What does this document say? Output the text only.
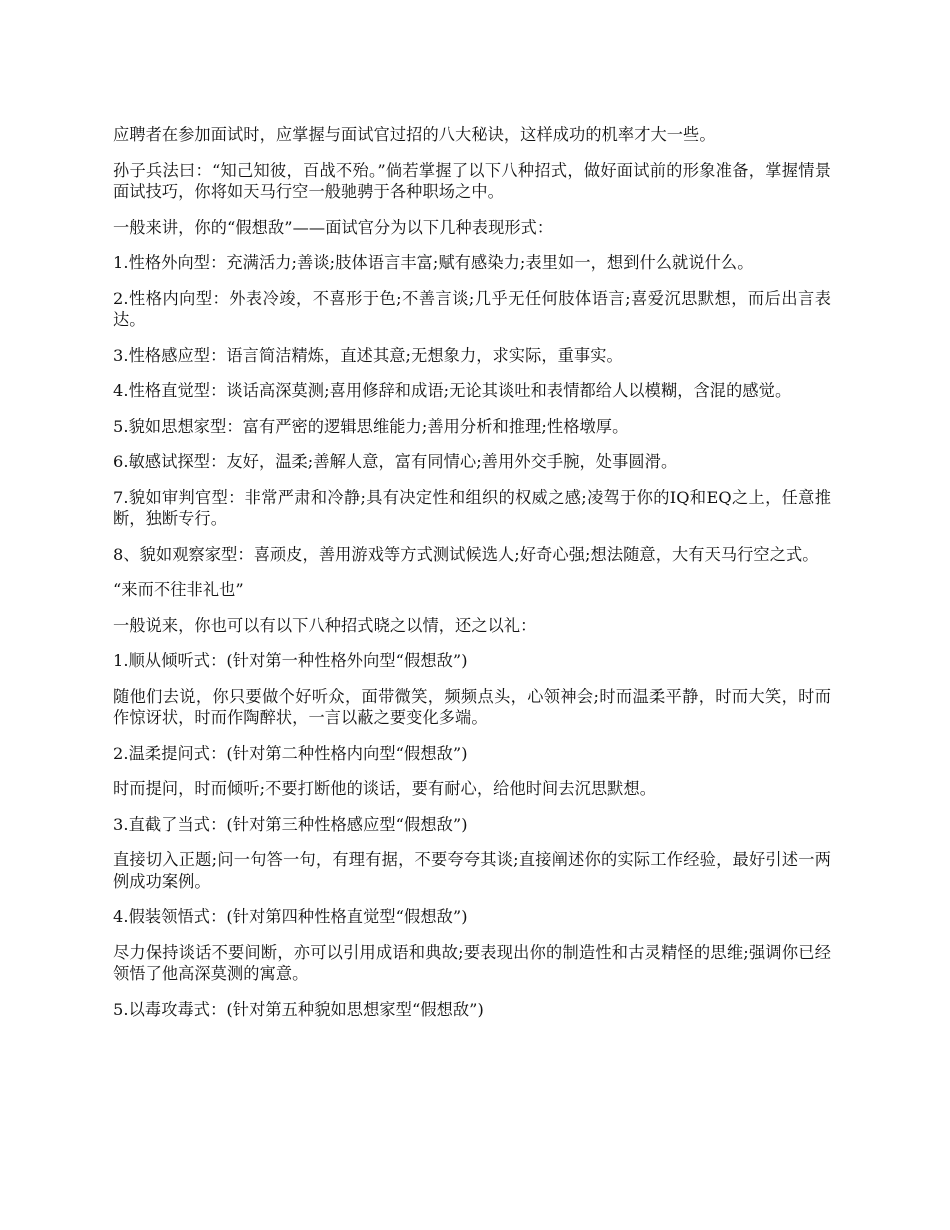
应聘者在参加面试时，应掌握与面试官过招的八大秘诀，这样成功的机率才大一些。

孙子兵法曰：“知己知彼，百战不殆。”倘若掌握了以下八种招式，做好面试前的形象准备，掌握情景面试技巧，你将如天马行空一般驰骋于各种职场之中。

一般来讲，你的“假想敌”——面试官分为以下几种表现形式：

1.性格外向型：充满活力;善谈;肢体语言丰富;赋有感染力;表里如一，想到什么就说什么。

2.性格内向型：外表冷竣，不喜形于色;不善言谈;几乎无任何肢体语言;喜爱沉思默想，而后出言表达。

3.性格感应型：语言简洁精炼，直述其意;无想象力，求实际，重事实。

4.性格直觉型：谈话高深莫测;喜用修辞和成语;无论其谈吐和表情都给人以模糊，含混的感觉。

5.貌如思想家型：富有严密的逻辑思维能力;善用分析和推理;性格墩厚。

6.敏感试探型：友好，温柔;善解人意，富有同情心;善用外交手腕，处事圆滑。

7.貌如审判官型：非常严肃和冷静;具有决定性和组织的权威之感;凌驾于你的IQ和EQ之上，任意推断，独断专行。

8、貌如观察家型：喜顽皮，善用游戏等方式测试候选人;好奇心强;想法随意，大有天马行空之式。

“来而不往非礼也”

一般说来，你也可以有以下八种招式晓之以情，还之以礼：

1.顺从倾听式：(针对第一种性格外向型“假想敌”)

随他们去说，你只要做个好听众，面带微笑，频频点头，心领神会;时而温柔平静，时而大笑，时而作惊讶状，时而作陶醉状，一言以蔽之要变化多端。

2.温柔提问式：(针对第二种性格内向型“假想敌”)

时而提问，时而倾听;不要打断他的谈话，要有耐心，给他时间去沉思默想。

3.直截了当式：(针对第三种性格感应型“假想敌”)

直接切入正题;问一句答一句，有理有据，不要夸夸其谈;直接阐述你的实际工作经验，最好引述一两例成功案例。

4.假装领悟式：(针对第四种性格直觉型“假想敌”)

尽力保持谈话不要间断，亦可以引用成语和典故;要表现出你的制造性和古灵精怪的思维;强调你已经领悟了他高深莫测的寓意。

5.以毒攻毒式：(针对第五种貌如思想家型“假想敌”)
